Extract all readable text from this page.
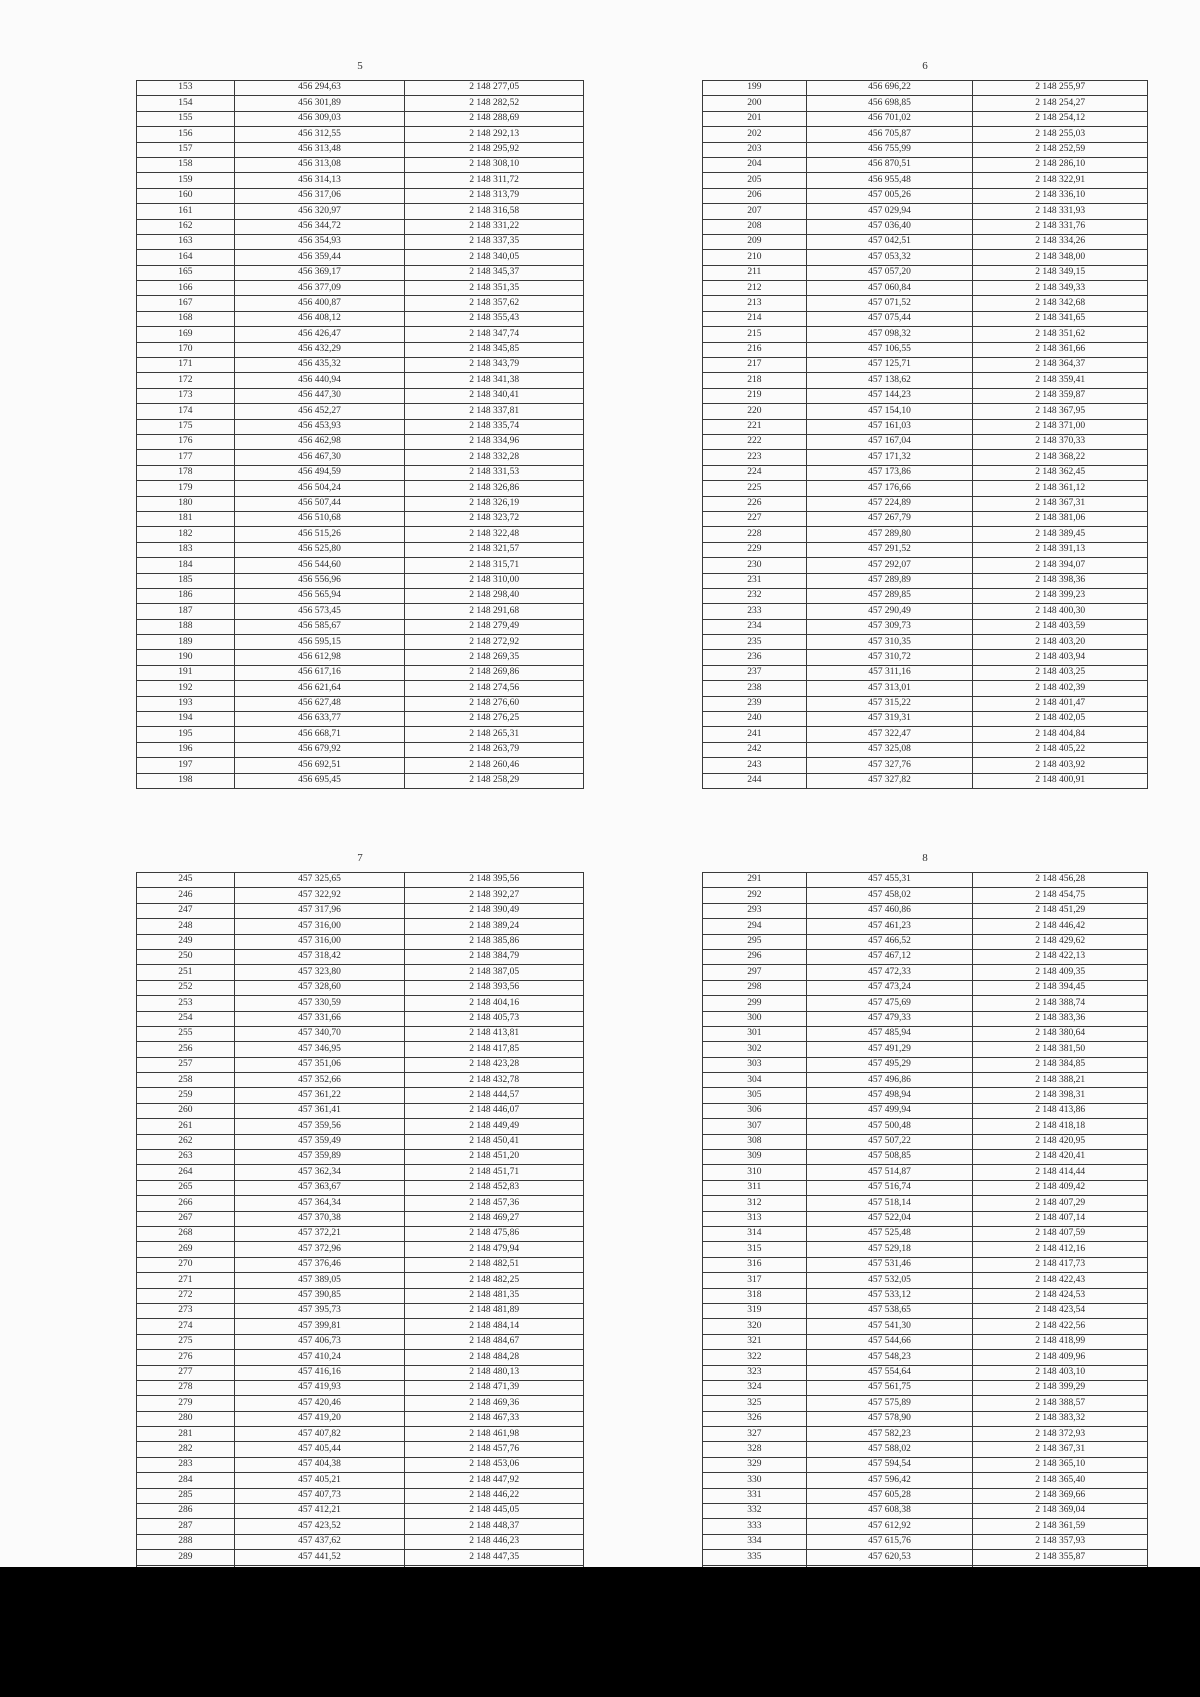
5
153	456 294,63	2 148 277,05
154	456 301,89	2 148 282,52
155	456 309,03	2 148 288,69
156	456 312,55	2 148 292,13
157	456 313,48	2 148 295,92
158	456 313,08	2 148 308,10
159	456 314,13	2 148 311,72
160	456 317,06	2 148 313,79
161	456 320,97	2 148 316,58
162	456 344,72	2 148 331,22
163	456 354,93	2 148 337,35
164	456 359,44	2 148 340,05
165	456 369,17	2 148 345,37
166	456 377,09	2 148 351,35
167	456 400,87	2 148 357,62
168	456 408,12	2 148 355,43
169	456 426,47	2 148 347,74
170	456 432,29	2 148 345,85
171	456 435,32	2 148 343,79
172	456 440,94	2 148 341,38
173	456 447,30	2 148 340,41
174	456 452,27	2 148 337,81
175	456 453,93	2 148 335,74
176	456 462,98	2 148 334,96
177	456 467,30	2 148 332,28
178	456 494,59	2 148 331,53
179	456 504,24	2 148 326,86
180	456 507,44	2 148 326,19
181	456 510,68	2 148 323,72
182	456 515,26	2 148 322,48
183	456 525,80	2 148 321,57
184	456 544,60	2 148 315,71
185	456 556,96	2 148 310,00
186	456 565,94	2 148 298,40
187	456 573,45	2 148 291,68
188	456 585,67	2 148 279,49
189	456 595,15	2 148 272,92
190	456 612,98	2 148 269,35
191	456 617,16	2 148 269,86
192	456 621,64	2 148 274,56
193	456 627,48	2 148 276,60
194	456 633,77	2 148 276,25
195	456 668,71	2 148 265,31
196	456 679,92	2 148 263,79
197	456 692,51	2 148 260,46
198	456 695,45	2 148 258,29
6
199	456 696,22	2 148 255,97
200	456 698,85	2 148 254,27
201	456 701,02	2 148 254,12
202	456 705,87	2 148 255,03
203	456 755,99	2 148 252,59
204	456 870,51	2 148 286,10
205	456 955,48	2 148 322,91
206	457 005,26	2 148 336,10
207	457 029,94	2 148 331,93
208	457 036,40	2 148 331,76
209	457 042,51	2 148 334,26
210	457 053,32	2 148 348,00
211	457 057,20	2 148 349,15
212	457 060,84	2 148 349,33
213	457 071,52	2 148 342,68
214	457 075,44	2 148 341,65
215	457 098,32	2 148 351,62
216	457 106,55	2 148 361,66
217	457 125,71	2 148 364,37
218	457 138,62	2 148 359,41
219	457 144,23	2 148 359,87
220	457 154,10	2 148 367,95
221	457 161,03	2 148 371,00
222	457 167,04	2 148 370,33
223	457 171,32	2 148 368,22
224	457 173,86	2 148 362,45
225	457 176,66	2 148 361,12
226	457 224,89	2 148 367,31
227	457 267,79	2 148 381,06
228	457 289,80	2 148 389,45
229	457 291,52	2 148 391,13
230	457 292,07	2 148 394,07
231	457 289,89	2 148 398,36
232	457 289,85	2 148 399,23
233	457 290,49	2 148 400,30
234	457 309,73	2 148 403,59
235	457 310,35	2 148 403,20
236	457 310,72	2 148 403,94
237	457 311,16	2 148 403,25
238	457 313,01	2 148 402,39
239	457 315,22	2 148 401,47
240	457 319,31	2 148 402,05
241	457 322,47	2 148 404,84
242	457 325,08	2 148 405,22
243	457 327,76	2 148 403,92
244	457 327,82	2 148 400,91
7
245	457 325,65	2 148 395,56
246	457 322,92	2 148 392,27
247	457 317,96	2 148 390,49
248	457 316,00	2 148 389,24
249	457 316,00	2 148 385,86
250	457 318,42	2 148 384,79
251	457 323,80	2 148 387,05
252	457 328,60	2 148 393,56
253	457 330,59	2 148 404,16
254	457 331,66	2 148 405,73
255	457 340,70	2 148 413,81
256	457 346,95	2 148 417,85
257	457 351,06	2 148 423,28
258	457 352,66	2 148 432,78
259	457 361,22	2 148 444,57
260	457 361,41	2 148 446,07
261	457 359,56	2 148 449,49
262	457 359,49	2 148 450,41
263	457 359,89	2 148 451,20
264	457 362,34	2 148 451,71
265	457 363,67	2 148 452,83
266	457 364,34	2 148 457,36
267	457 370,38	2 148 469,27
268	457 372,21	2 148 475,86
269	457 372,96	2 148 479,94
270	457 376,46	2 148 482,51
271	457 389,05	2 148 482,25
272	457 390,85	2 148 481,35
273	457 395,73	2 148 481,89
274	457 399,81	2 148 484,14
275	457 406,73	2 148 484,67
276	457 410,24	2 148 484,28
277	457 416,16	2 148 480,13
278	457 419,93	2 148 471,39
279	457 420,46	2 148 469,36
280	457 419,20	2 148 467,33
281	457 407,82	2 148 461,98
282	457 405,44	2 148 457,76
283	457 404,38	2 148 453,06
284	457 405,21	2 148 447,92
285	457 407,73	2 148 446,22
286	457 412,21	2 148 445,05
287	457 423,52	2 148 448,37
288	457 437,62	2 148 446,23
289	457 441,52	2 148 447,35

8
291	457 455,31	2 148 456,28
292	457 458,02	2 148 454,75
293	457 460,86	2 148 451,29
294	457 461,23	2 148 446,42
295	457 466,52	2 148 429,62
296	457 467,12	2 148 422,13
297	457 472,33	2 148 409,35
298	457 473,24	2 148 394,45
299	457 475,69	2 148 388,74
300	457 479,33	2 148 383,36
301	457 485,94	2 148 380,64
302	457 491,29	2 148 381,50
303	457 495,29	2 148 384,85
304	457 496,86	2 148 388,21
305	457 498,94	2 148 398,31
306	457 499,94	2 148 413,86
307	457 500,48	2 148 418,18
308	457 507,22	2 148 420,95
309	457 508,85	2 148 420,41
310	457 514,87	2 148 414,44
311	457 516,74	2 148 409,42
312	457 518,14	2 148 407,29
313	457 522,04	2 148 407,14
314	457 525,48	2 148 407,59
315	457 529,18	2 148 412,16
316	457 531,46	2 148 417,73
317	457 532,05	2 148 422,43
318	457 533,12	2 148 424,53
319	457 538,65	2 148 423,54
320	457 541,30	2 148 422,56
321	457 544,66	2 148 418,99
322	457 548,23	2 148 409,96
323	457 554,64	2 148 403,10
324	457 561,75	2 148 399,29
325	457 575,89	2 148 388,57
326	457 578,90	2 148 383,32
327	457 582,23	2 148 372,93
328	457 588,02	2 148 367,31
329	457 594,54	2 148 365,10
330	457 596,42	2 148 365,40
331	457 605,28	2 148 369,66
332	457 608,38	2 148 369,04
333	457 612,92	2 148 361,59
334	457 615,76	2 148 357,93
335	457 620,53	2 148 355,87
